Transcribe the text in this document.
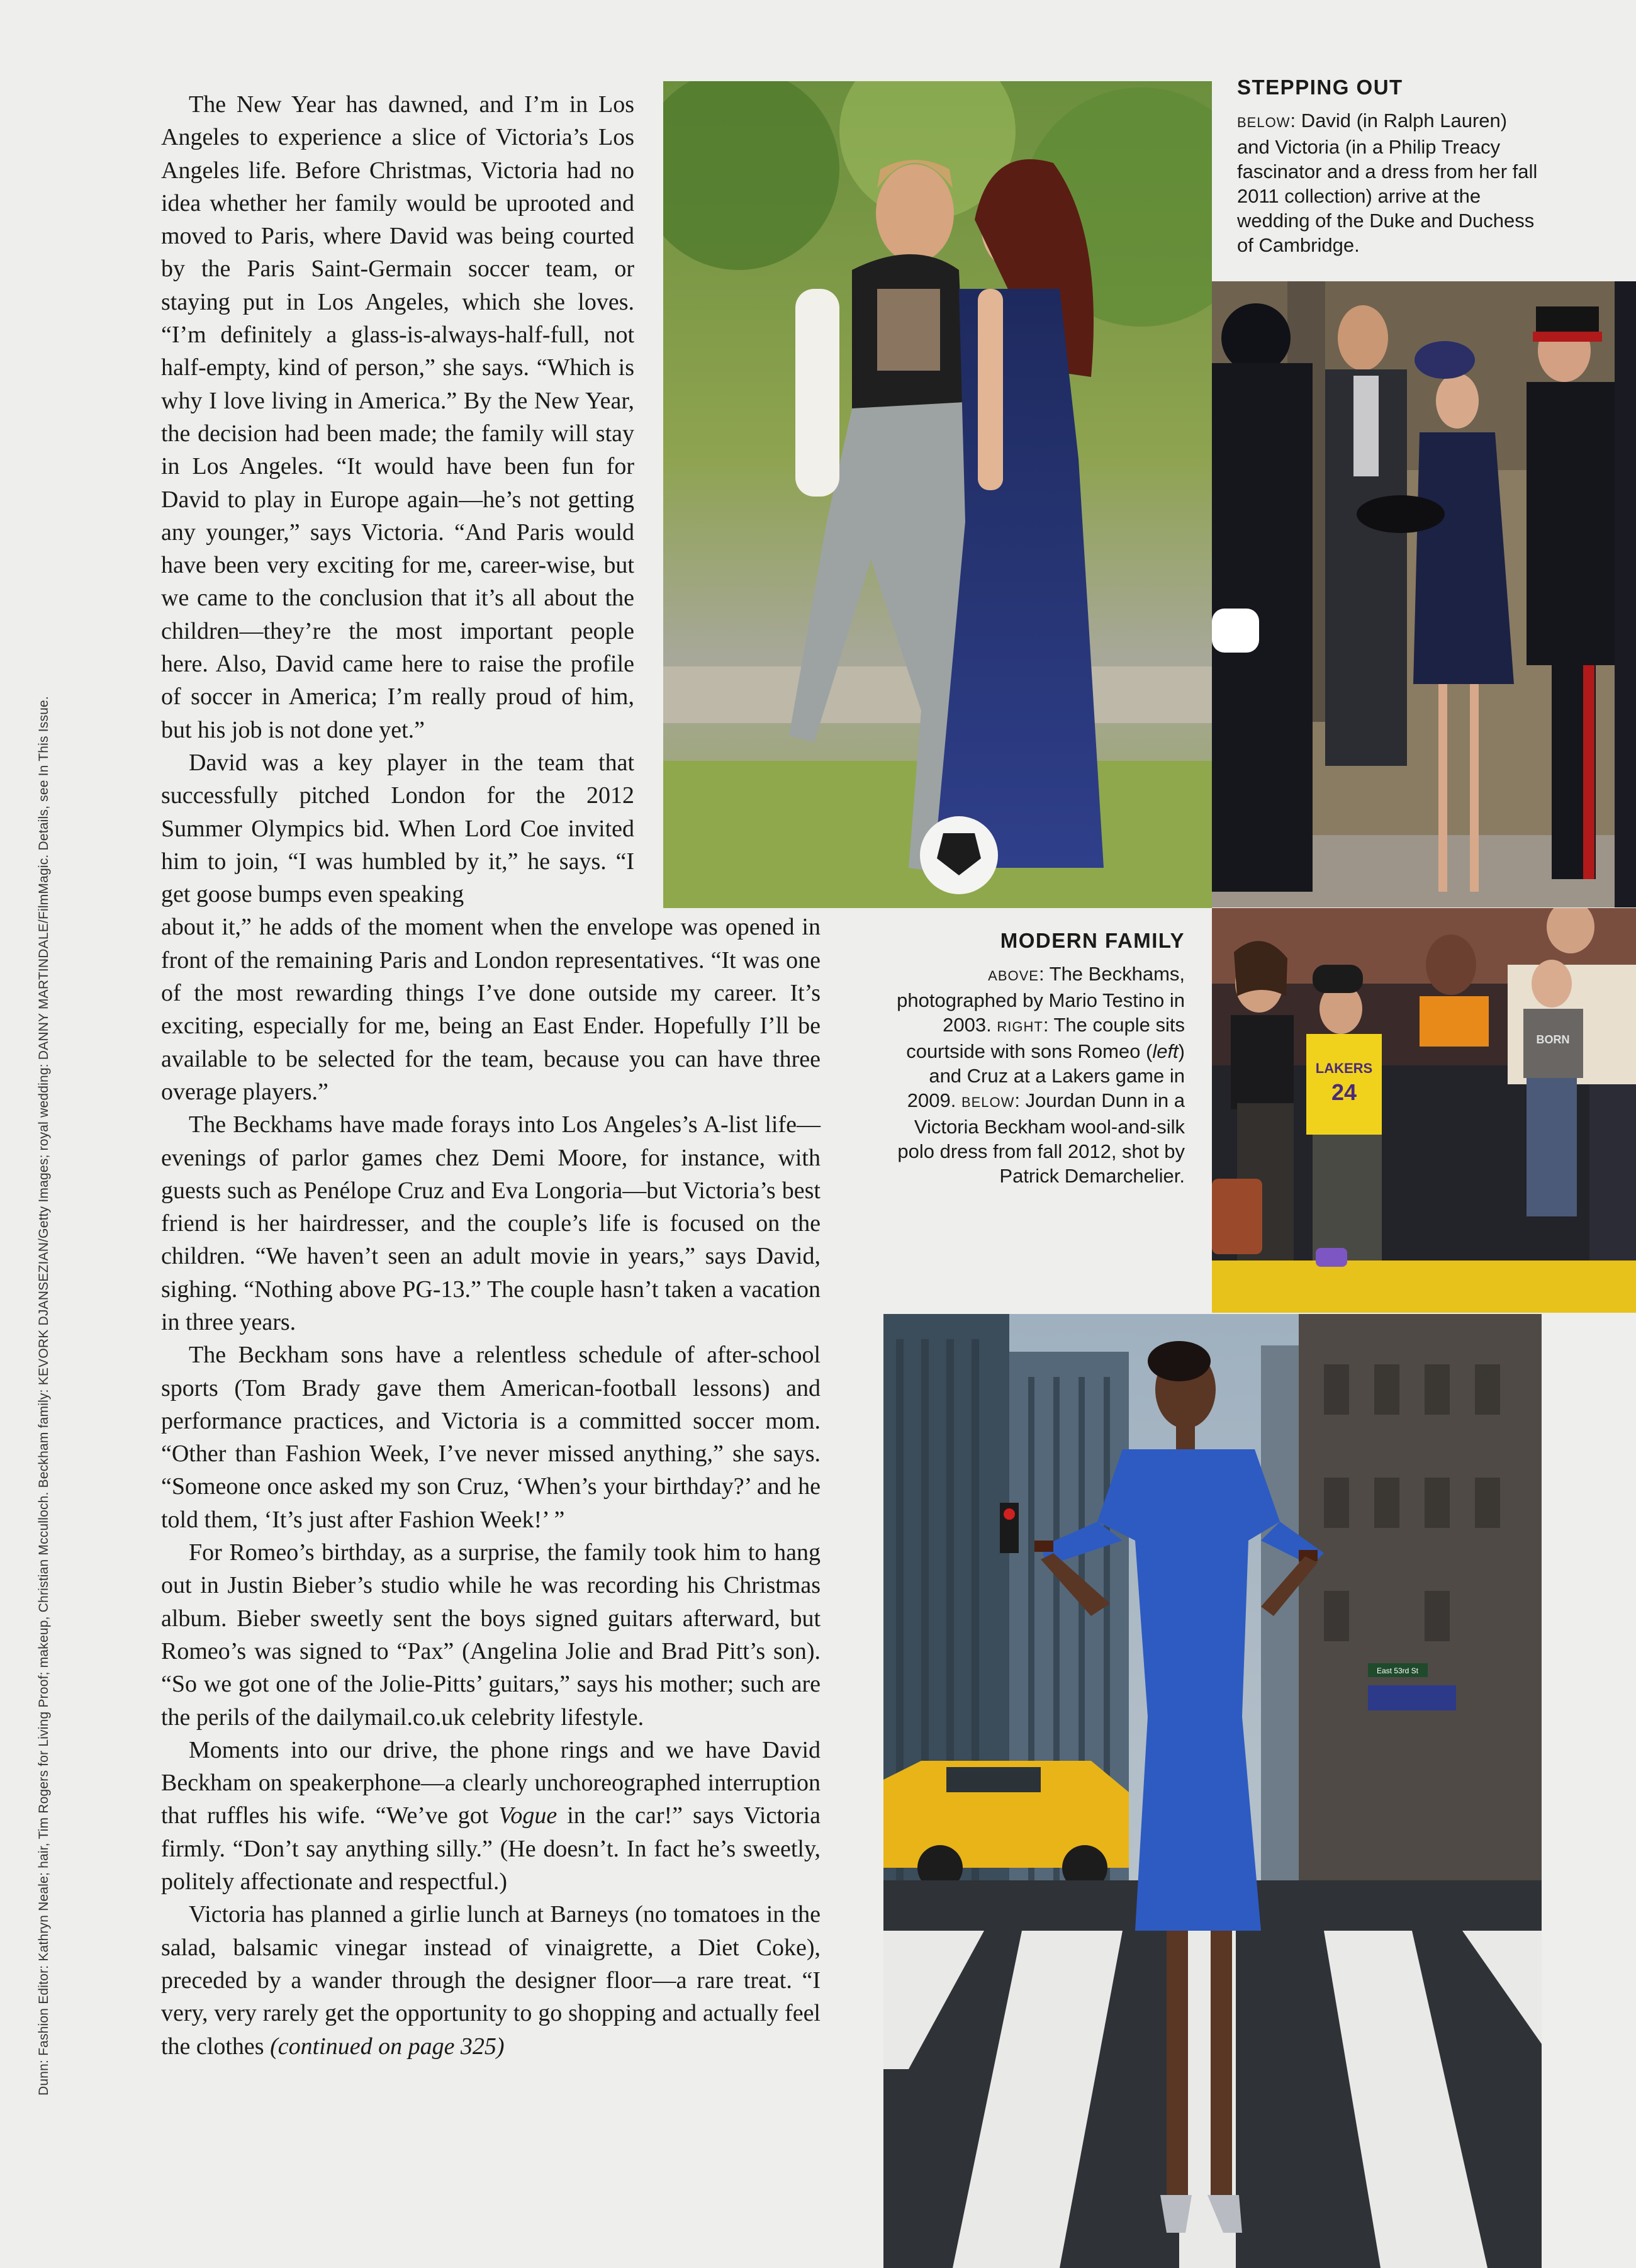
Dunn: Fashion Editor: Kathryn Neale; hair, Tim Rogers for Living Proof; makeup, Christian Mcculloch. Beckham family: KEVORK DJANSEZIAN/Getty Images; royal wedding: DANNY MARTINDALE/FilmMagic. Details, see In This Issue.	LAKERS
24
BORN
East 53rd St
STEPPING OUT

BELOW: David (in Ralph Lauren) and Victoria (in a Philip Treacy fascinator and a dress from her fall 2011 collection) arrive at the wedding of the Duke and Duchess of Cambridge.

MODERN FAMILY

ABOVE: The Beckhams, photographed by Mario Testino in 2003. RIGHT: The couple sits courtside with sons Romeo (left) and Cruz at a Lakers game in 2009. BELOW: Jourdan Dunn in a Victoria Beckham wool-and-silk polo dress from fall 2012, shot by Patrick Demarchelier.

The New Year has dawned, and I’m in Los Angeles to experience a slice of Victoria’s Los Angeles life. Before Christmas, Victoria had no idea whether her family would be uprooted and moved to Paris, where David was being courted by the Paris Saint-Germain soccer team, or staying put in Los Angeles, which she loves. “I’m definitely a glass-is-always-half-full, not half-empty, kind of person,” she says. “Which is why I love living in America.” By the New Year, the decision had been made; the family will stay in Los Angeles. “It would have been fun for David to play in Europe again—he’s not getting any younger,” says Victoria. “And Paris would have been very exciting for me, career-wise, but we came to the conclusion that it’s all about the children—they’re the most important people here. Also, David came here to raise the profile of soccer in America; I’m really proud of him, but his job is not done yet.”

David was a key player in the team that successfully pitched London for the 2012 Summer Olympics bid. When Lord Coe invited him to join, “I was humbled by it,” he says. “I get goose bumps even speaking

about it,” he adds of the moment when the envelope was opened in front of the remaining Paris and London representatives. “It was one of the most rewarding things I’ve done outside my career. It’s exciting, especially for me, being an East Ender. Hopefully I’ll be available to be selected for the team, because you can have three overage players.”

The Beckhams have made forays into Los Angeles’s A-list life—evenings of parlor games chez Demi Moore, for instance, with guests such as Penélope Cruz and Eva Longoria—but Victoria’s best friend is her hairdresser, and the couple’s life is focused on the children. “We haven’t seen an adult movie in years,” says David, sighing. “Nothing above PG-13.” The couple hasn’t taken a vacation in three years.

The Beckham sons have a relentless schedule of after-school sports (Tom Brady gave them American-football lessons) and performance practices, and Victoria is a committed soccer mom. “Other than Fashion Week, I’ve never missed anything,” she says. “Someone once asked my son Cruz, ‘When’s your birthday?’ and he told them, ‘It’s just after Fashion Week!’ ”

For Romeo’s birthday, as a surprise, the family took him to hang out in Justin Bieber’s studio while he was recording his Christmas album. Bieber sweetly sent the boys signed guitars afterward, but Romeo’s was signed to “Pax” (Angelina Jolie and Brad Pitt’s son). “So we got one of the Jolie-Pitts’ guitars,” says his mother; such are the perils of the dailymail.co.uk celebrity lifestyle.

Moments into our drive, the phone rings and we have David Beckham on speakerphone—a clearly unchoreographed interruption that ruffles his wife. “We’ve got Vogue in the car!” says Victoria firmly. “Don’t say anything silly.” (He doesn’t. In fact he’s sweetly, politely affectionate and respectful.)

Victoria has planned a girlie lunch at Barneys (no tomatoes in the salad, balsamic vinegar instead of vinaigrette, a Diet Coke), preceded by a wander through the designer floor—a rare treat. “I very, very rarely get the opportunity to go shopping and actually feel the clothes (continued on page 325)
